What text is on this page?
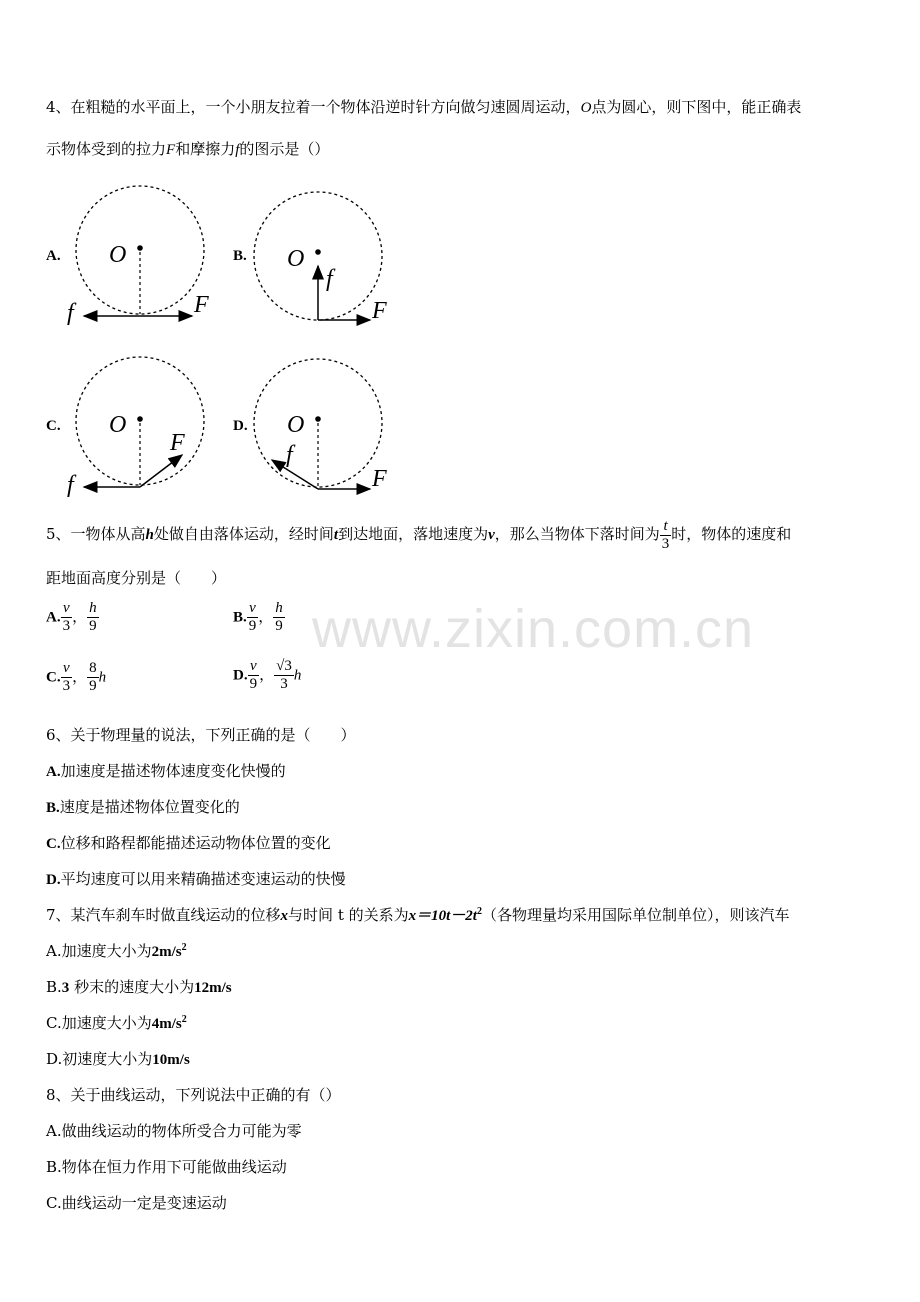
www.zixin.com.cn
4、在粗糙的水平面上，一个小朋友拉着一个物体沿逆时针方向做匀速圆周运动，O点为圆心，则下图中，能正确表
示物体受到的拉力F和摩擦力f的图示是（）
A. O
F
f
B. O
f
F
C. O
F
f
D. O
f
F
5、一物体从高h处做自由落体运动，经时间t到达地面，落地速度为v，那么当物体下落时间为 $\frac{t}{3}$ 时，物体的速度和
距地面高度分别是（　　）
A. $\frac{v}{3}$ ， $\frac{h}{9}$	B. $\frac{v}{9}$ ， $\frac{h}{9}$
C. $\frac{v}{3}$ ， $\frac{8}{9}$ h	D. $\frac{v}{9}$ ， $\frac{√3}{3}$ h
6、关于物理量的说法，下列正确的是（　　）
A.加速度是描述物体速度变化快慢的
B.速度是描述物体位置变化的
C.位移和路程都能描述运动物体位置的变化
D.平均速度可以用来精确描述变速运动的快慢
7、某汽车刹车时做直线运动的位移x与时间 t 的关系为$x=10t-2t^2$（各物理量均采用国际单位制单位），则该汽车
A.加速度大小为$2m/s^2$
B.3 秒末的速度大小为12m/s
C.加速度大小为$4m/s^2$
D.初速度大小为10m/s
8、关于曲线运动，下列说法中正确的有（）
A.做曲线运动的物体所受合力可能为零
B.物体在恒力作用下可能做曲线运动
C.曲线运动一定是变速运动
